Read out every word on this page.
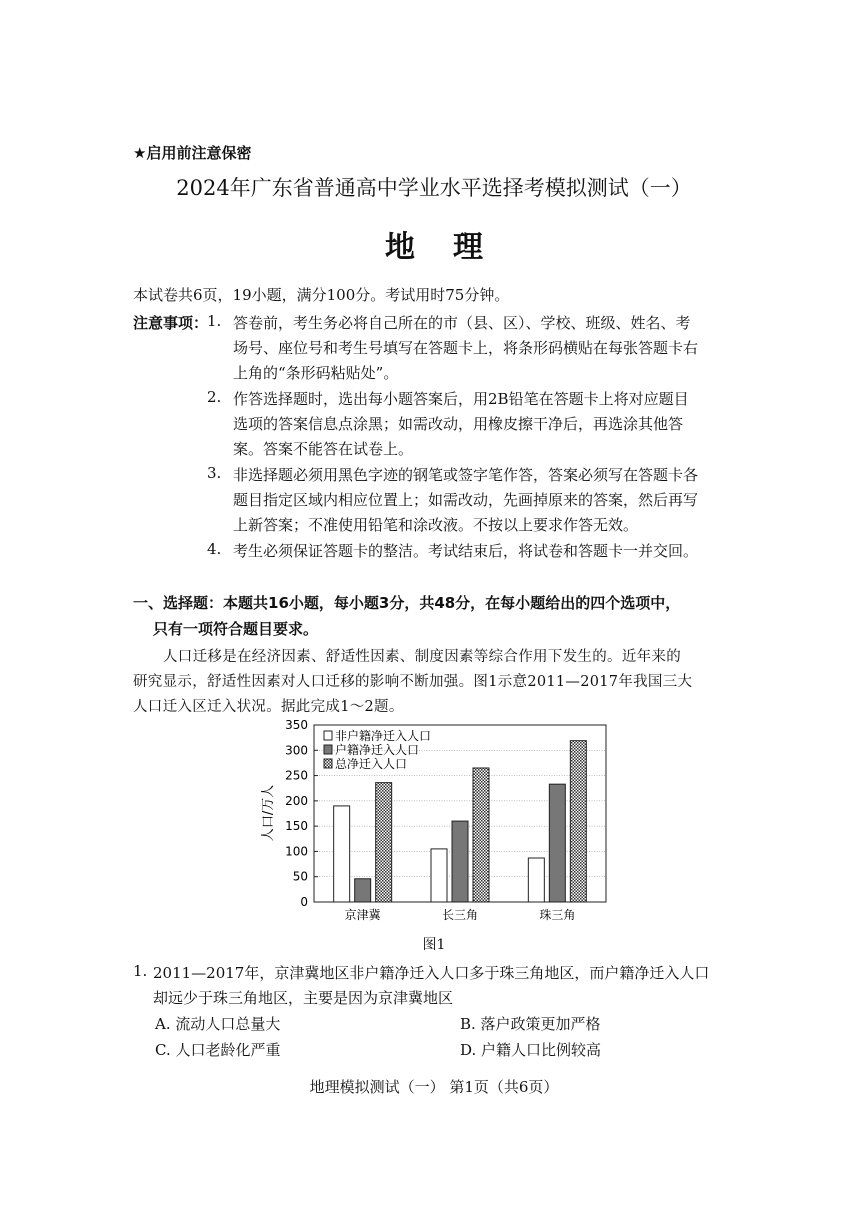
★启用前注意保密
2024年广东省普通高中学业水平选择考模拟测试（一）
地理
本试卷共6页，19小题，满分100分。考试用时75分钟。
注意事项：
1. 答卷前，考生务必将自己所在的市（县、区）、学校、班级、姓名、考
场号、座位号和考生号填写在答题卡上，将条形码横贴在每张答题卡右
上角的“条形码粘贴处”。
2. 作答选择题时，选出每小题答案后，用2B铅笔在答题卡上将对应题目
选项的答案信息点涂黑；如需改动，用橡皮擦干净后，再选涂其他答
案。答案不能答在试卷上。
3. 非选择题必须用黑色字迹的钢笔或签字笔作答，答案必须写在答题卡各
题目指定区域内相应位置上；如需改动，先画掉原来的答案，然后再写
上新答案；不准使用铅笔和涂改液。不按以上要求作答无效。
4. 考生必须保证答题卡的整洁。考试结束后，将试卷和答题卡一并交回。
一、选择题：本题共16小题，每小题3分，共48分，在每小题给出的四个选项中，
只有一项符合题目要求。
人口迁移是在经济因素、舒适性因素、制度因素等综合作用下发生的。近年来的
研究显示，舒适性因素对人口迁移的影响不断加强。图1示意2011—2017年我国三大
人口迁入区迁入状况。据此完成1～2题。
0
50
100
150
200
250
300
350
京津冀	长三角	珠三角
人口/万人
非户籍净迁入人口
户籍净迁入人口
总净迁入人口
图1
1. 2011—2017年，京津冀地区非户籍净迁入人口多于珠三角地区，而户籍净迁入人口
却远少于珠三角地区，主要是因为京津冀地区
A. 流动人口总量大	B. 落户政策更加严格
C. 人口老龄化严重	D. 户籍人口比例较高
地理模拟测试（一） 第1页（共6页）
